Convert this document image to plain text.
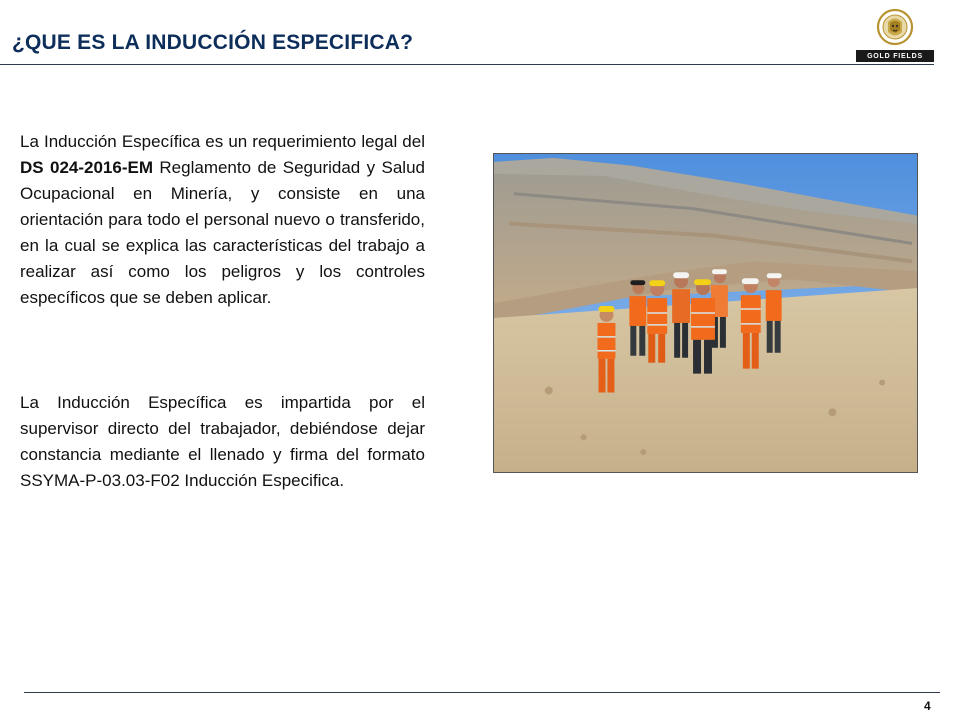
¿QUE ES LA INDUCCIÓN ESPECIFICA?
GOLD FIELDS

La Inducción Específica es un requerimiento legal del DS 024-2016-EM Reglamento de Seguridad y Salud Ocupacional en Minería, y consiste en una orientación para todo el personal nuevo o transferido, en la cual se explica las características del trabajo a realizar así como los peligros y los controles específicos que se deben aplicar.

La Inducción Específica es impartida por el supervisor directo del trabajador, debiéndose dejar constancia mediante el llenado y firma del formato SSYMA-P-03.03-F02 Inducción Especifica.

4
